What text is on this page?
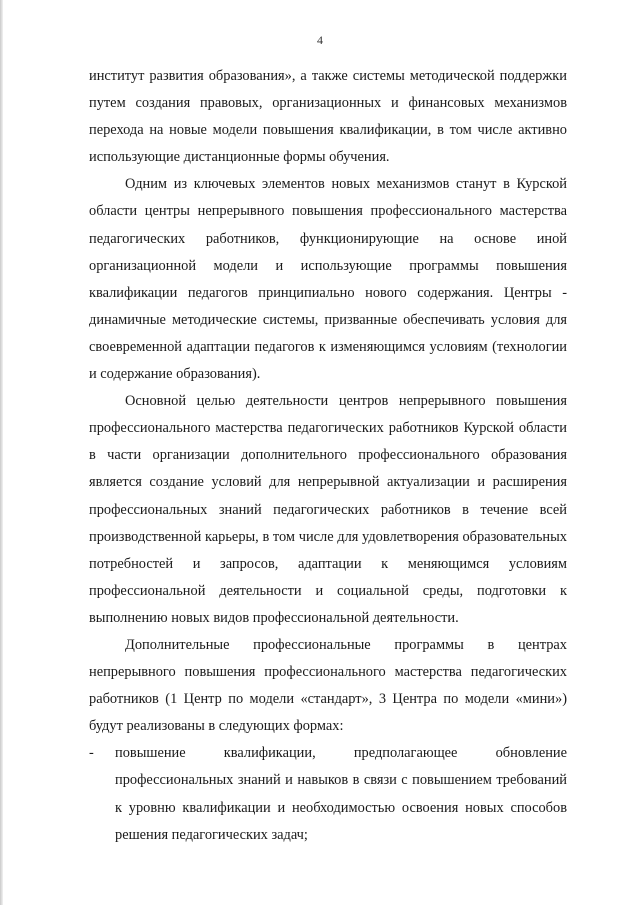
4

институт развития образования», а также системы методической поддержки путем создания правовых, организационных и финансовых механизмов перехода на новые модели повышения квалификации, в том числе активно использующие дистанционные формы обучения.

Одним из ключевых элементов новых механизмов станут в Курской области центры непрерывного повышения профессионального мастерства педагогических работников, функционирующие на основе иной организационной модели и использующие программы повышения квалификации педагогов принципиально нового содержания. Центры - динамичные методические системы, призванные обеспечивать условия для своевременной адаптации педагогов к изменяющимся условиям (технологии и содержание образования).

Основной целью деятельности центров непрерывного повышения профессионального мастерства педагогических работников Курской области в части организации дополнительного профессионального образования является создание условий для непрерывной актуализации и расширения профессиональных знаний педагогических работников в течение всей производственной карьеры, в том числе для удовлетворения образовательных потребностей и запросов, адаптации к меняющимся условиям профессиональной деятельности и социальной среды, подготовки к выполнению новых видов профессиональной деятельности.

Дополнительные профессиональные программы в центрах непрерывного повышения профессионального мастерства педагогических работников (1 Центр по модели «стандарт», 3 Центра по модели «мини») будут реализованы в следующих формах:

-	повышение квалификации, предполагающее обновление профессиональных знаний и навыков в связи с повышением требований к уровню квалификации и необходимостью освоения новых способов решения педагогических задач;
